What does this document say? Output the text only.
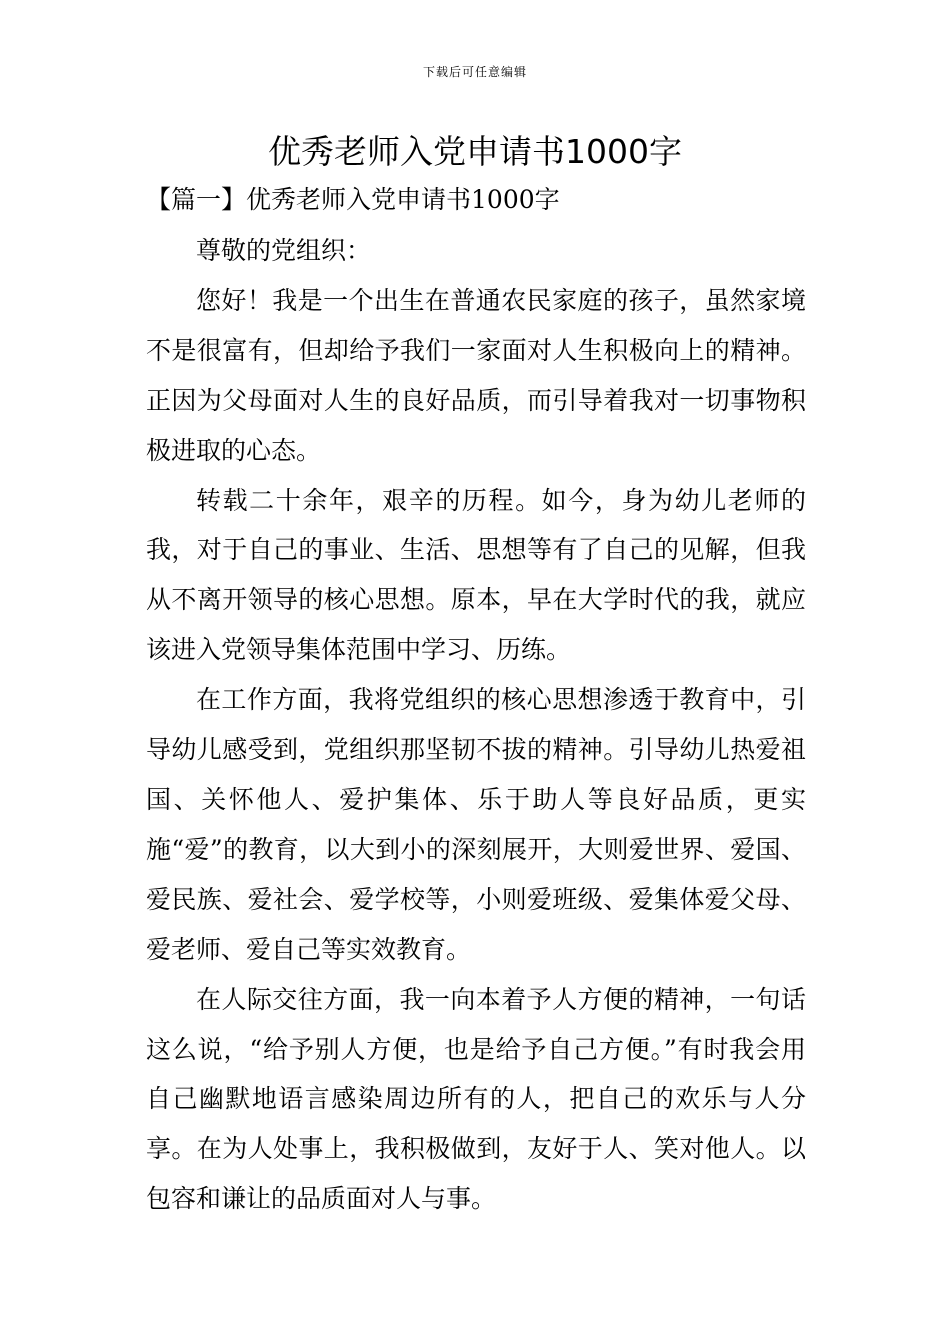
下载后可任意编辑
优秀老师入党申请书1000字
【篇一】优秀老师入党申请书1000字

尊敬的党组织：

您好！我是一个出生在普通农民家庭的孩子，虽然家境不是很富有，但却给予我们一家面对人生积极向上的精神。正因为父母面对人生的良好品质，而引导着我对一切事物积极进取的心态。

转载二十余年，艰辛的历程。如今，身为幼儿老师的我，对于自己的事业、生活、思想等有了自己的见解，但我从不离开领导的核心思想。原本，早在大学时代的我，就应该进入党领导集体范围中学习、历练。

在工作方面，我将党组织的核心思想渗透于教育中，引导幼儿感受到，党组织那坚韧不拔的精神。引导幼儿热爱祖国、关怀他人、爱护集体、乐于助人等良好品质，更实施“爱”的教育，以大到小的深刻展开，大则爱世界、爱国、爱民族、爱社会、爱学校等，小则爱班级、爱集体爱父母、爱老师、爱自己等实效教育。

在人际交往方面，我一向本着予人方便的精神，一句话这么说，“给予别人方便，也是给予自己方便。”有时我会用自己幽默地语言感染周边所有的人，把自己的欢乐与人分享。在为人处事上，我积极做到，友好于人、笑对他人。以包容和谦让的品质面对人与事。
